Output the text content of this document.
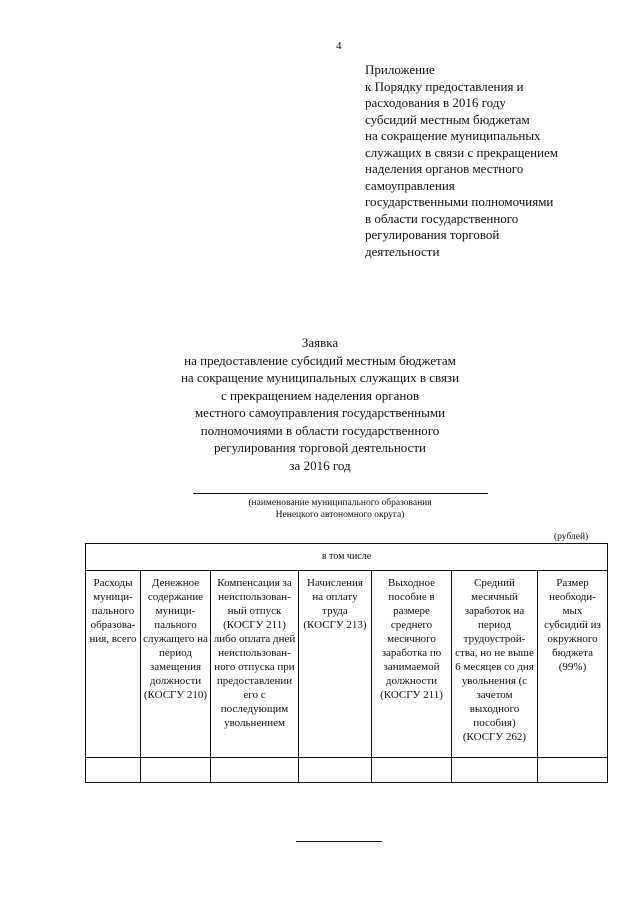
4
Приложение
к Порядку предоставления и
расходования в 2016 году
субсидий местным бюджетам
на сокращение муниципальных
служащих в связи с прекращением
наделения органов местного
самоуправления
государственными полномочиями
в области государственного
регулирования торговой
деятельности
Заявка
на предоставление субсидий местным бюджетам
на сокращение муниципальных служащих в связи
с прекращением наделения органов
местного самоуправления государственными
полномочиями в области государственного
регулирования торговой деятельности
за 2016 год
(наименование муниципального образования
Ненецкого автономного округа)
(рублей)
в том числе						
Расходы муници-пального образова-ния, всего	Денежное содержание муници-пального служащего на период замещения должности (КОСГУ 210)	Компенсация за неиспользован-ный отпуск (КОСГУ 211) либо оплата дней неиспользован-ного отпуска при предоставлении его с последующим увольнением	Начисления на оплату труда (КОСГУ 213)	Выходное пособие в размере среднего месячного заработка по занимаемой должности (КОСГУ 211)	Средний месячный заработок на период трудоустрой-ства, но не выше 6 месяцев со дня увольнения (с зачетом выходного пособия) (КОСГУ 262)	Размер необходи-мых субсидий из окружного бюджета (99%)
